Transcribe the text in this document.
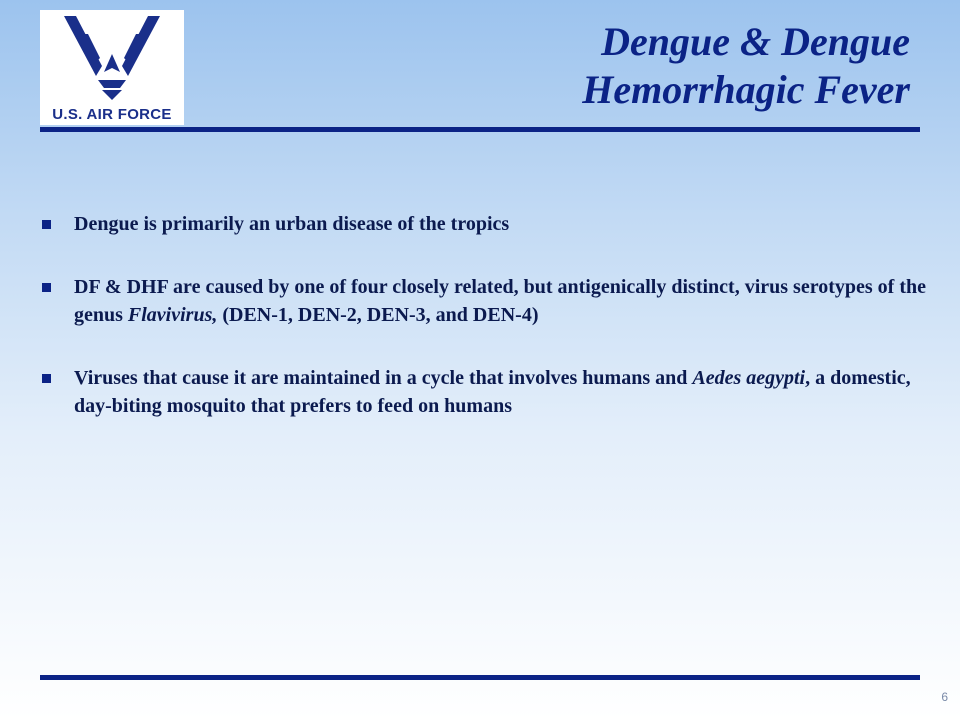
U.S. AIR FORCE
Dengue & Dengue
Hemorrhagic Fever
Dengue is primarily an urban disease of the tropics
DF & DHF are caused by one of four closely related, but antigenically distinct, virus serotypes of the genus Flavivirus, (DEN-1, DEN-2, DEN-3, and DEN-4)
Viruses that cause it are maintained in a cycle that involves humans and Aedes aegypti, a domestic, day-biting mosquito that prefers to feed on humans
6
